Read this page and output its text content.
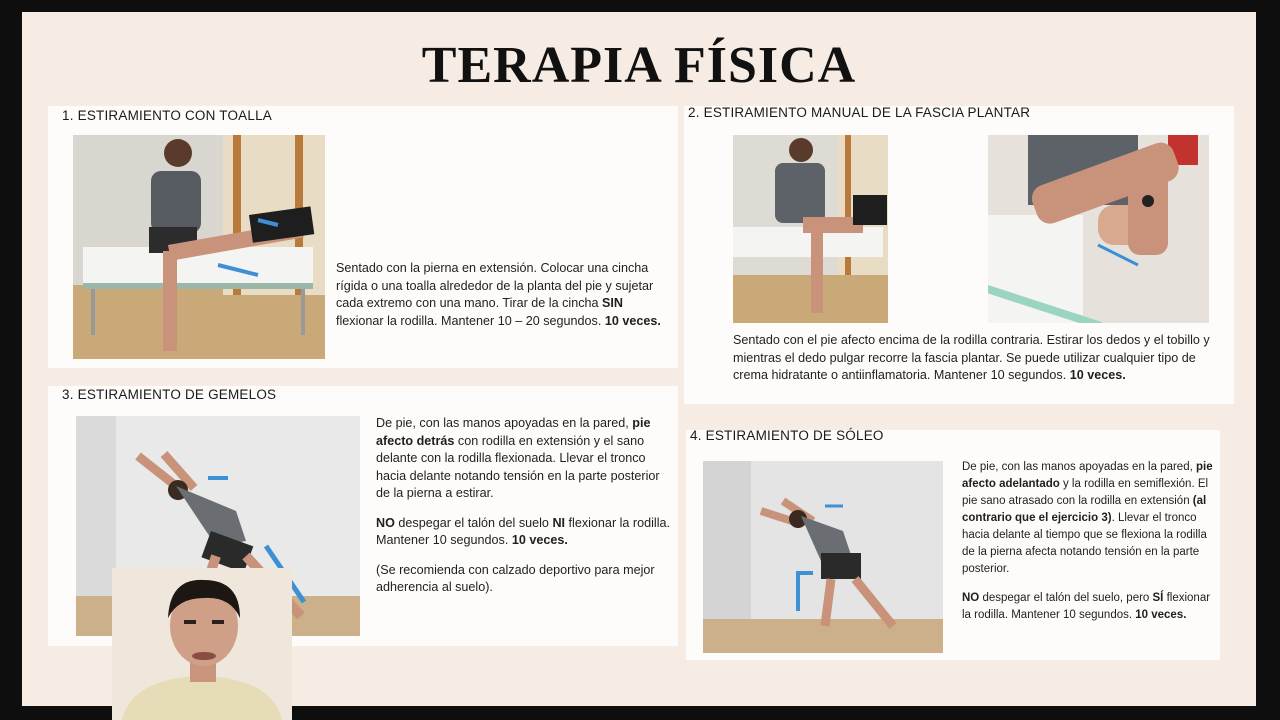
TERAPIA FÍSICA
1. ESTIRAMIENTO CON TOALLA
Sentado con la pierna en extensión. Colocar una cincha rígida o una toalla alrededor de la planta del pie y sujetar cada extremo con una mano. Tirar de la cincha SIN flexionar la rodilla. Mantener 10 – 20 segundos. 10 veces.
2. ESTIRAMIENTO MANUAL DE LA FASCIA PLANTAR
Sentado con el pie afecto encima de la rodilla contraria. Estirar los dedos y el tobillo y mientras el dedo pulgar recorre la fascia plantar. Se puede utilizar cualquier tipo de crema hidratante o antiinflamatoria. Mantener 10 segundos. 10 veces.
3. ESTIRAMIENTO DE GEMELOS

De pie, con las manos apoyadas en la pared, pie afecto detrás con rodilla en extensión y el sano delante con la rodilla flexionada. Llevar el tronco hacia delante notando tensión en la parte posterior de la pierna a estirar.

NO despegar el talón del suelo NI flexionar la rodilla. Mantener 10 segundos. 10 veces.

(Se recomienda con calzado deportivo para mejor adherencia al suelo).

4. ESTIRAMIENTO DE SÓLEO

De pie, con las manos apoyadas en la pared, pie afecto adelantado y la rodilla en semiflexión. El pie sano atrasado con la rodilla en extensión (al contrario que el ejercicio 3). Llevar el tronco hacia delante al tiempo que se flexiona la rodilla de la pierna afecta notando tensión en la parte posterior.

NO despegar el talón del suelo, pero SÍ flexionar la rodilla. Mantener 10 segundos. 10 veces.
